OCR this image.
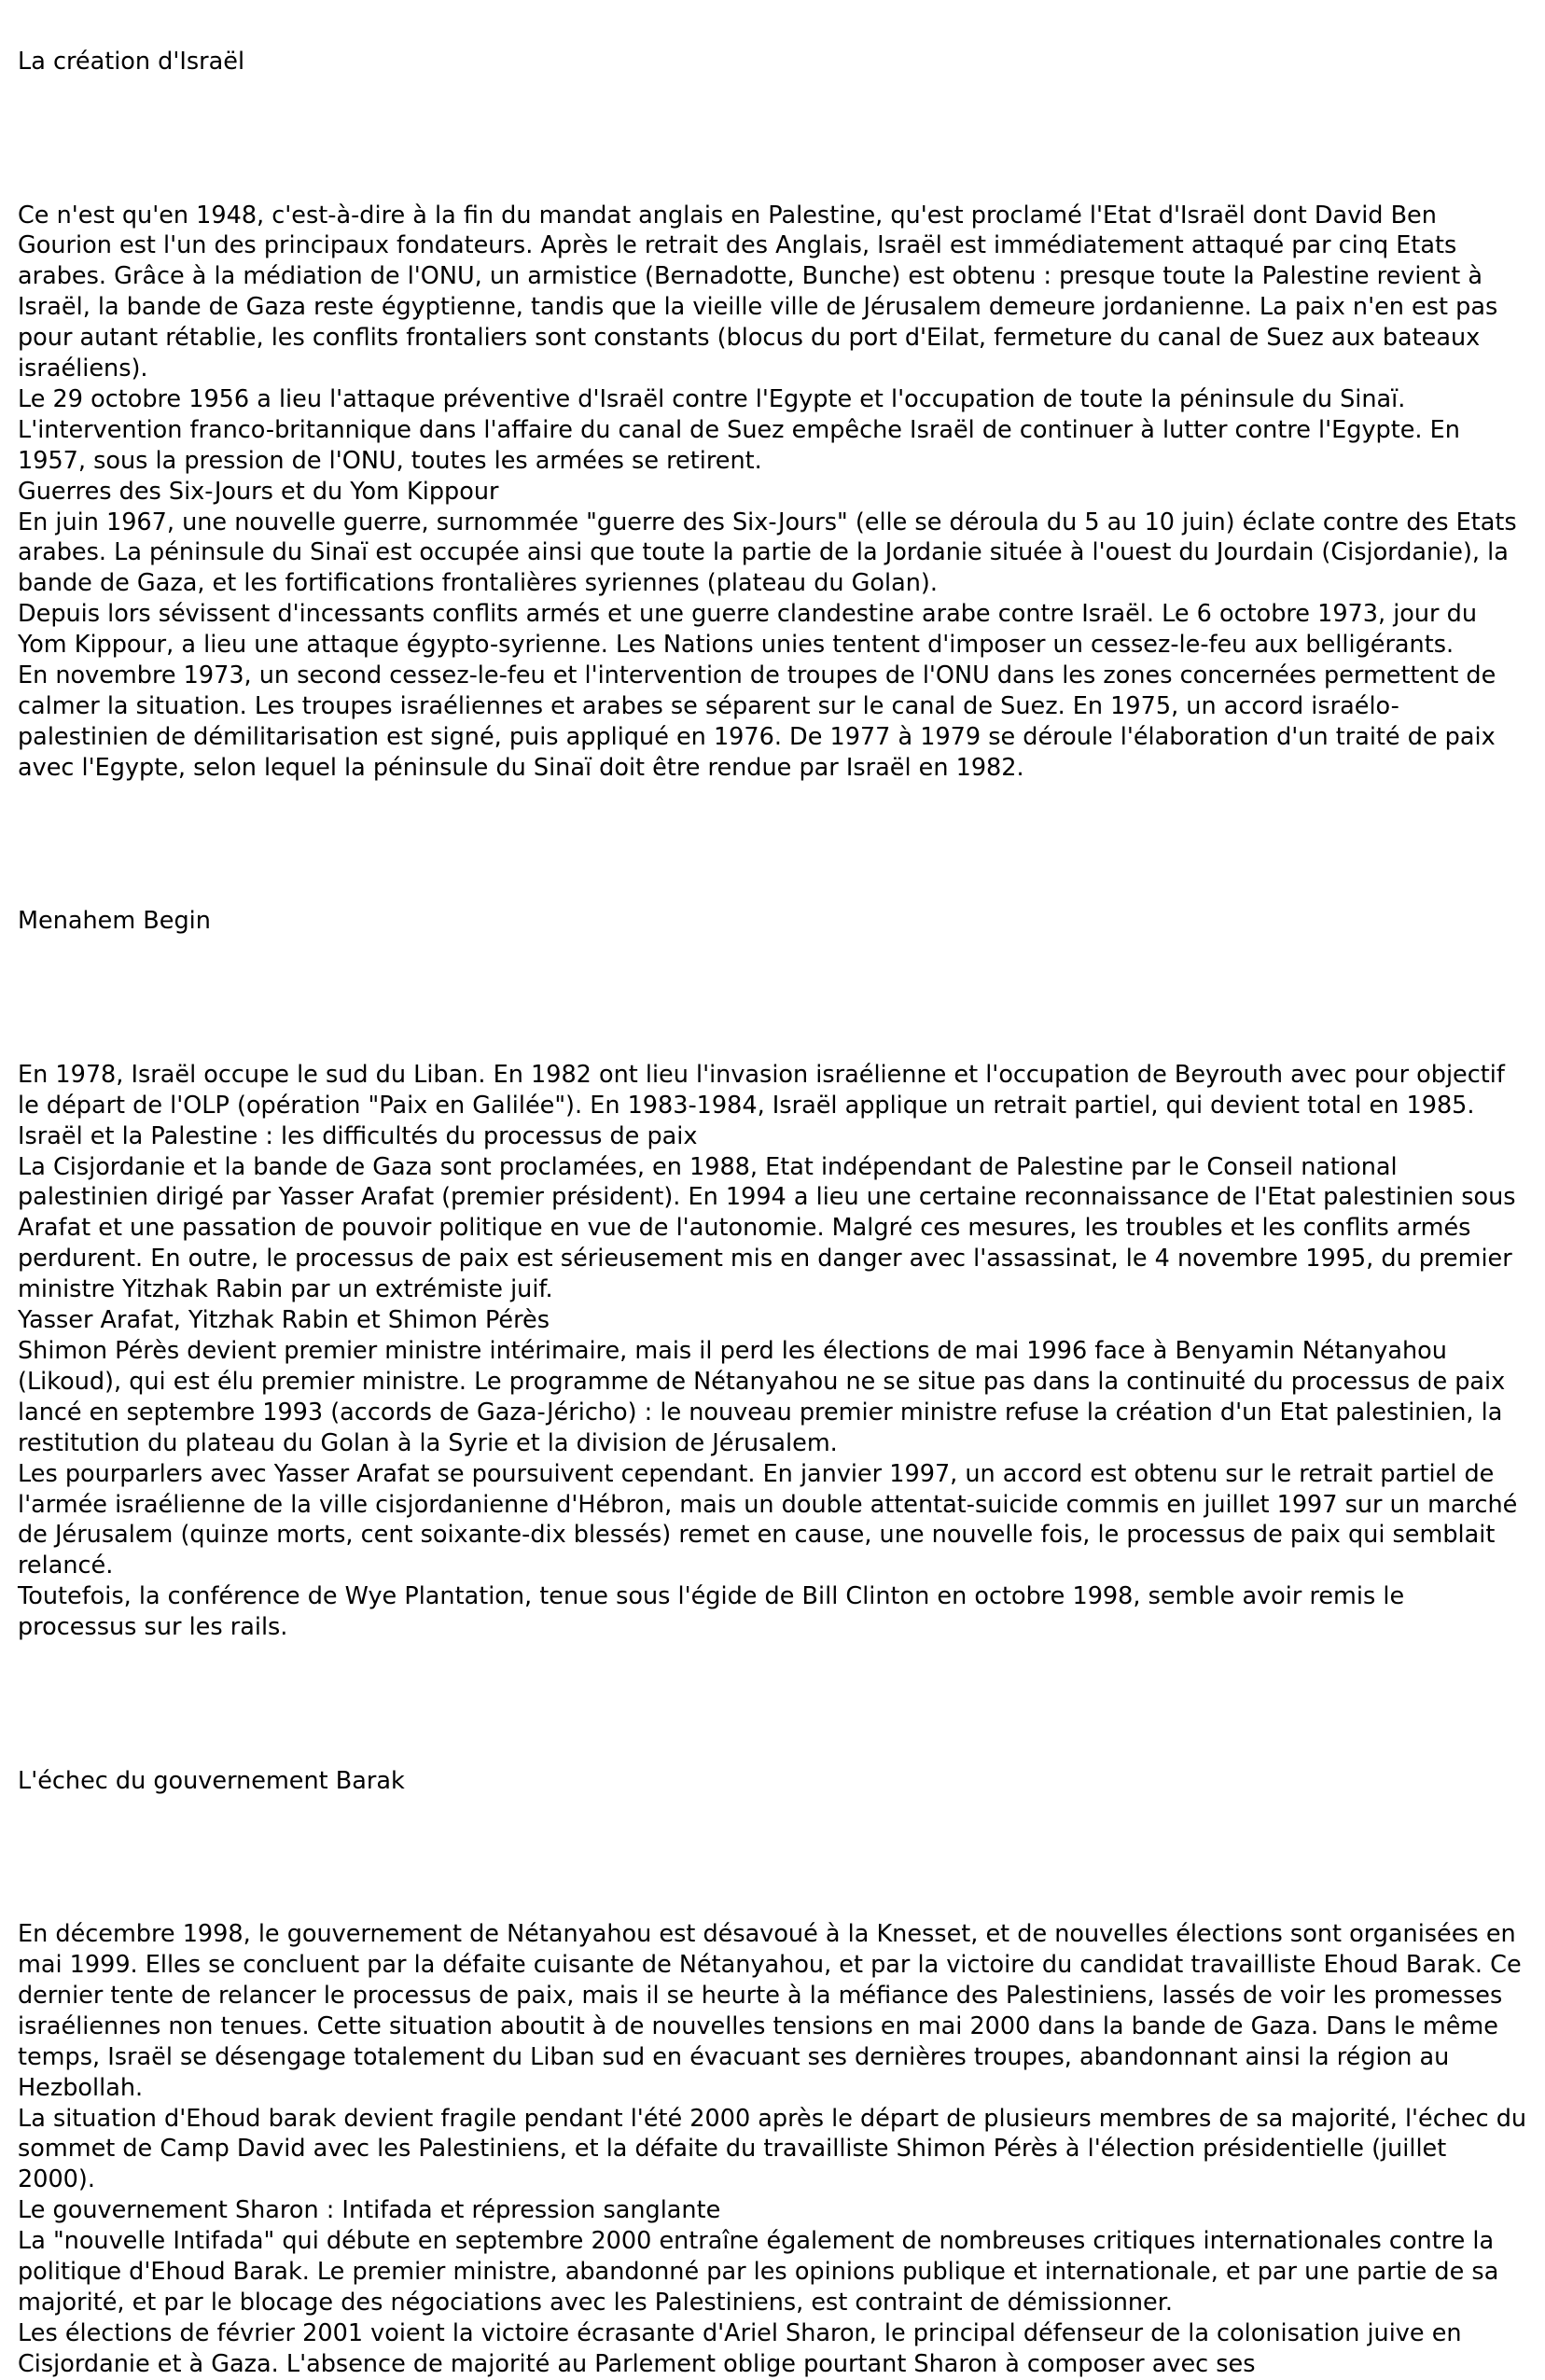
La création d'Israël

Ce n'est qu'en 1948, c'est-à-dire à la fin du mandat anglais en Palestine, qu'est proclamé l'Etat d'Israël dont David Ben Gourion est l'un des principaux fondateurs. Après le retrait des Anglais, Israël est immédiatement attaqué par cinq Etats arabes. Grâce à la médiation de l'ONU, un armistice (Bernadotte, Bunche) est obtenu : presque toute la Palestine revient à Israël, la bande de Gaza reste égyptienne, tandis que la vieille ville de Jérusalem demeure jordanienne. La paix n'en est pas pour autant rétablie, les conflits frontaliers sont constants (blocus du port d'Eilat, fermeture du canal de Suez aux bateaux israéliens).

Le 29 octobre 1956 a lieu l'attaque préventive d'Israël contre l'Egypte et l'occupation de toute la péninsule du Sinaï. L'intervention franco-britannique dans l'affaire du canal de Suez empêche Israël de continuer à lutter contre l'Egypte. En 1957, sous la pression de l'ONU, toutes les armées se retirent.

Guerres des Six-Jours et du Yom Kippour

En juin 1967, une nouvelle guerre, surnommée "guerre des Six-Jours" (elle se déroula du 5 au 10 juin) éclate contre des Etats arabes. La péninsule du Sinaï est occupée ainsi que toute la partie de la Jordanie située à l'ouest du Jourdain (Cisjordanie), la bande de Gaza, et les fortifications frontalières syriennes (plateau du Golan).

Depuis lors sévissent d'incessants conflits armés et une guerre clandestine arabe contre Israël. Le 6 octobre 1973, jour du Yom Kippour, a lieu une attaque égypto-syrienne. Les Nations unies tentent d'imposer un cessez-le-feu aux belligérants.

En novembre 1973, un second cessez-le-feu et l'intervention de troupes de l'ONU dans les zones concernées permettent de calmer la situation. Les troupes israéliennes et arabes se séparent sur le canal de Suez. En 1975, un accord israélo-palestinien de démilitarisation est signé, puis appliqué en 1976. De 1977 à 1979 se déroule l'élaboration d'un traité de paix avec l'Egypte, selon lequel la péninsule du Sinaï doit être rendue par Israël en 1982.

Menahem Begin

En 1978, Israël occupe le sud du Liban. En 1982 ont lieu l'invasion israélienne et l'occupation de Beyrouth avec pour objectif le départ de l'OLP (opération "Paix en Galilée"). En 1983-1984, Israël applique un retrait partiel, qui devient total en 1985.

Israël et la Palestine : les difficultés du processus de paix

La Cisjordanie et la bande de Gaza sont proclamées, en 1988, Etat indépendant de Palestine par le Conseil national palestinien dirigé par Yasser Arafat (premier président). En 1994 a lieu une certaine reconnaissance de l'Etat palestinien sous Arafat et une passation de pouvoir politique en vue de l'autonomie. Malgré ces mesures, les troubles et les conflits armés perdurent. En outre, le processus de paix est sérieusement mis en danger avec l'assassinat, le 4 novembre 1995, du premier ministre Yitzhak Rabin par un extrémiste juif.

Yasser Arafat, Yitzhak Rabin et Shimon Pérès

Shimon Pérès devient premier ministre intérimaire, mais il perd les élections de mai 1996 face à Benyamin Nétanyahou (Likoud), qui est élu premier ministre. Le programme de Nétanyahou ne se situe pas dans la continuité du processus de paix lancé en septembre 1993 (accords de Gaza-Jéricho) : le nouveau premier ministre refuse la création d'un Etat palestinien, la restitution du plateau du Golan à la Syrie et la division de Jérusalem.

Les pourparlers avec Yasser Arafat se poursuivent cependant. En janvier 1997, un accord est obtenu sur le retrait partiel de l'armée israélienne de la ville cisjordanienne d'Hébron, mais un double attentat-suicide commis en juillet 1997 sur un marché de Jérusalem (quinze morts, cent soixante-dix blessés) remet en cause, une nouvelle fois, le processus de paix qui semblait relancé.

Toutefois, la conférence de Wye Plantation, tenue sous l'égide de Bill Clinton en octobre 1998, semble avoir remis le processus sur les rails.

L'échec du gouvernement Barak

En décembre 1998, le gouvernement de Nétanyahou est désavoué à la Knesset, et de nouvelles élections sont organisées en mai 1999. Elles se concluent par la défaite cuisante de Nétanyahou, et par la victoire du candidat travailliste Ehoud Barak. Ce dernier tente de relancer le processus de paix, mais il se heurte à la méfiance des Palestiniens, lassés de voir les promesses israéliennes non tenues. Cette situation aboutit à de nouvelles tensions en mai 2000 dans la bande de Gaza. Dans le même temps, Israël se désengage totalement du Liban sud en évacuant ses dernières troupes, abandonnant ainsi la région au Hezbollah.

La situation d'Ehoud barak devient fragile pendant l'été 2000 après le départ de plusieurs membres de sa majorité, l'échec du sommet de Camp David avec les Palestiniens, et la défaite du travailliste Shimon Pérès à l'élection présidentielle (juillet 2000).

Le gouvernement Sharon : Intifada et répression sanglante

La "nouvelle Intifada" qui débute en septembre 2000 entraîne également de nombreuses critiques internationales contre la politique d'Ehoud Barak. Le premier ministre, abandonné par les opinions publique et internationale, et par une partie de sa majorité, et par le blocage des négociations avec les Palestiniens, est contraint de démissionner.

Les élections de février 2001 voient la victoire écrasante d'Ariel Sharon, le principal défenseur de la colonisation juive en Cisjordanie et à Gaza. L'absence de majorité au Parlement oblige pourtant Sharon à composer avec ses
